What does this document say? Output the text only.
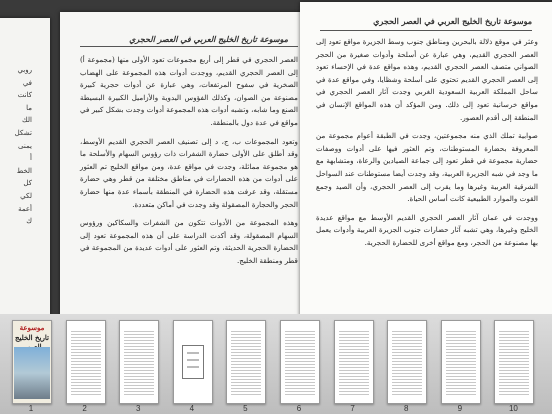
روبي
في
كانت
ما
الك
تشكل
يمنى
أ
الخط
كل
لكي
أعمة
ك
موسوعة تاريخ الخليج العربي في العصر الحجري

العصر الحجري في قطر إلى أربع مجموعات تعود الأولى منها (مجموعة أ) إلى العصر الحجري القديم، ووجدت أدوات هذه المجموعة على الهضاب الصخرية في سفوح المرتفعات، وهي عبارة عن أدوات حجرية كبيرة مصنوعة من الصوان، وكذلك الفؤوس اليدوية والأزاميل الكبيرة البسيطة الصنع وما شابه، وتشبه أدوات هذه المجموعة أدوات وجدت بشكل كبير في مواقع في عدة دول بالمنطقة.

وتعود المجموعات ب، ج، د إلى تصنيف العصر الحجري القديم الأوسط، وقد أطلق على الأولى حضارة الشفرات ذات رؤوس السهام والأسلحة ما هو مجموعة مماثلة، وجدت في مواقع عدة، ومن مواقع الخليج تم العثور على أدوات من هذه الحضارات في مناطق مختلفة من قطر وهي حضارة مستقلة، وقد عرفت هذه الحضارة في المنطقة بأسماء عدة منها حضارة الحجر والحجارة المصقولة وقد وجدت في أماكن متعددة.

وهذه المجموعة من الأدوات تتكون من الشفرات والسكاكين ورؤوس السهام المصقولة، وقد أكدت الدراسة على أن هذه المجموعة تعود إلى الحضارة الحجرية الحديثة، وتم العثور على أدوات عديدة من المجموعة في قطر ومنطقة الخليج.

موسوعة تاريخ الخليج العربي في العصر الحجري

وعثر في موقع ذلالة بالبحرين ومناطق جنوب وسط الجزيرة مواقع تعود إلى العصر الحجري القديم، وهي عبارة عن أسلحة وأدوات صغيرة من الحجر الصواني متصف العصر الحجري القديم، وهذه مواقع عدة في الإحساء تعود إلى العصر الحجري القديم تحتوي على أسلحة وشظايا، وفي مواقع عدة في ساحل المملكة العربية السعودية الغربي وجدت آثار العصر الحجري في مواقع خرسانية تعود إلى ذلك. ومن المؤكد أن هذه المواقع الإنسان في المنطقة إلى أقدم العصور.

صوابية تملك الذي منه مجموعتين، وجدت في الطبقة أعوام مجموعة من المعروفة بحضارة المستوطنات، وتم العثور فيها على أدوات ووصفات حضارية مجموعة في قطر تعود إلى جماعة الصيادين والرعاة، ومتشابهة مع ما وجد في شبه الجزيرة العربية، وقد وجدت أيضا مستوطنات عند السواحل الشرقية العربية وغيرها وما يقرب إلى العصر الحجري، وأن الصيد وجمع القوت والموارد الطبيعية كانت أساس الحياة.

ووجدت في عمان آثار العصر الحجري القديم الأوسط مع مواقع عديدة الخليج وغيرها، وهي تشبه آثار حضارات جنوب الجزيرة العربية وأدوات يعمل بها مصنوعة من الحجر، ومع مواقع أخرى للحضارة الحجرية.

موسوعة
تاريخ الخليج
1	2	3	4	5	6	7	8	9	10
